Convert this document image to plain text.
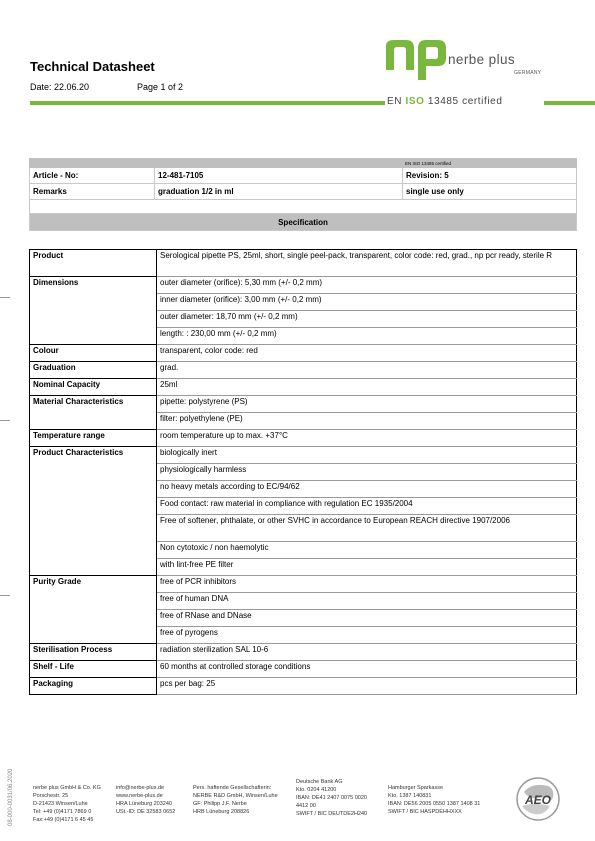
Technical Datasheet
Date: 22.06.20	Page 1 of 2
nerbe plus
GERMANY
EN ISO 13485 certified
		EN ISO 13485 certified
Article - No:	12-481-7105	Revision: 5
Remarks	graduation 1/2 in ml	single use only

Specification		
Product	Serological pipette PS, 25ml, short, single peel-pack, transparent, color code: red, grad., np pcr ready, sterile R
Dimensions	outer diameter (orifice): 5,30 mm (+/- 0,2 mm)
	inner diameter (orifice): 3,00 mm (+/- 0,2 mm)
	outer diameter: 18,70 mm (+/- 0,2 mm)
	length: : 230,00 mm (+/- 0,2 mm)
Colour	transparent, color code: red
Graduation	grad.
Nominal Capacity	25ml
Material Characteristics	pipette: polystyrene (PS)
	filter: polyethylene (PE)
Temperature range	room temperature up to max. +37°C
Product Characteristics	biologically inert
	physiologically harmless
	no heavy metals according to EC/94/62
	Food contact: raw material in compliance with regulation EC 1935/2004
	Free of softener, phthalate, or other SVHC in accordance to European REACH directive 1907/2006
	Non cytotoxic / non haemolytic
	with lint-free PE filter
Purity Grade	free of PCR inhibitors
	free of human DNA
	free of RNase and DNase
	free of pyrogens
Sterilisation Process	radiation sterilization SAL 10-6
Shelf - Life	60 months at controlled storage conditions
Packaging	pcs per bag: 25
08-000-0031/06.2020	nerbe plus GmbH & Co. KG
Porschestr. 25
D-21423 Winsen/Luhe
Tel: +49 (0)4171 7869 0
Fax:+49 (0)4171 6 45 45
info@nerbe-plus.de
www.nerbe-plus.de
HRA Lüneburg 203240
USt.-ID: DE 32583 0652
Pers. haftende Gesellschafterin:
NERBE R&D GmbH, Winsen/Luhe
GF: Philipp J.F. Nerbe
HRB Lüneburg 208826
Deutsche Bank AG
Kto. 0204 41200
IBAN: DE41 2407 0075 0020
4412 00
SWIFT / BIC DEUTDE2H240
Hamburger Sparkasse
Kto. 1387 140831
IBAN: DE56 2005 0550 1387 1408 31
SWIFT / BIC HASPDEHHXXX
AEO
